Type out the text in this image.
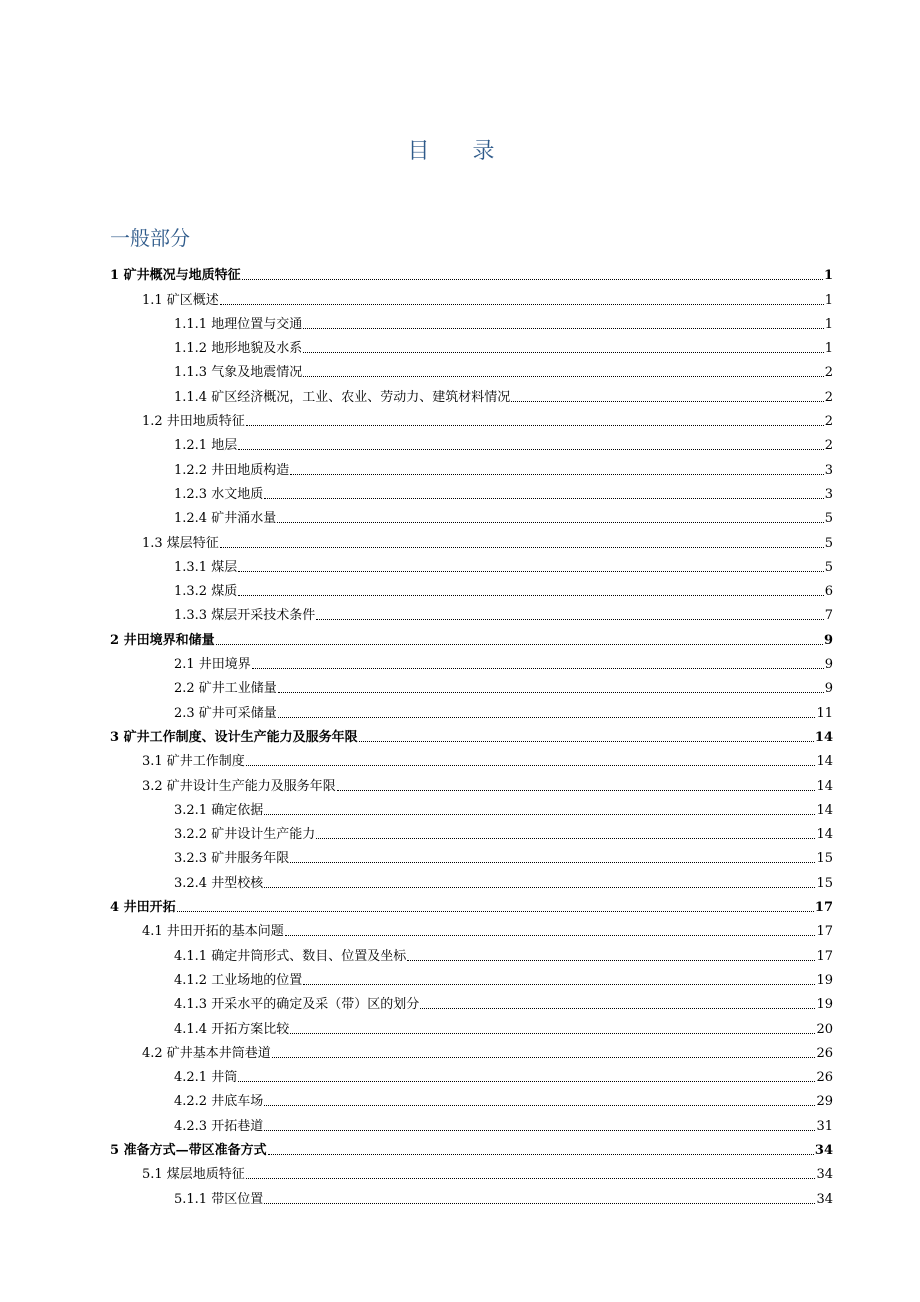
目 录
一般部分
1 矿井概况与地质特征	1
1.1 矿区概述	1
1.1.1 地理位置与交通	1
1.1.2 地形地貌及水系	1
1.1.3 气象及地震情况	2
1.1.4 矿区经济概况，工业、农业、劳动力、建筑材料情况	2
1.2 井田地质特征	2
1.2.1 地层	2
1.2.2 井田地质构造	3
1.2.3 水文地质	3
1.2.4 矿井涌水量	5
1.3 煤层特征	5
1.3.1 煤层	5
1.3.2 煤质	6
1.3.3 煤层开采技术条件	7
2 井田境界和储量	9
2.1 井田境界	9
2.2 矿井工业储量	9
2.3 矿井可采储量	11
3 矿井工作制度、设计生产能力及服务年限	14
3.1 矿井工作制度	14
3.2 矿井设计生产能力及服务年限	14
3.2.1 确定依据	14
3.2.2 矿井设计生产能力	14
3.2.3 矿井服务年限	15
3.2.4 井型校核	15
4 井田开拓	17
4.1 井田开拓的基本问题	17
4.1.1 确定井筒形式、数目、位置及坐标	17
4.1.2 工业场地的位置	19
4.1.3 开采水平的确定及采（带）区的划分	19
4.1.4 开拓方案比较	20
4.2 矿井基本井筒巷道	26
4.2.1 井筒	26
4.2.2 井底车场	29
4.2.3 开拓巷道	31
5 准备方式—带区准备方式	34
5.1 煤层地质特征	34
5.1.1 带区位置	34
